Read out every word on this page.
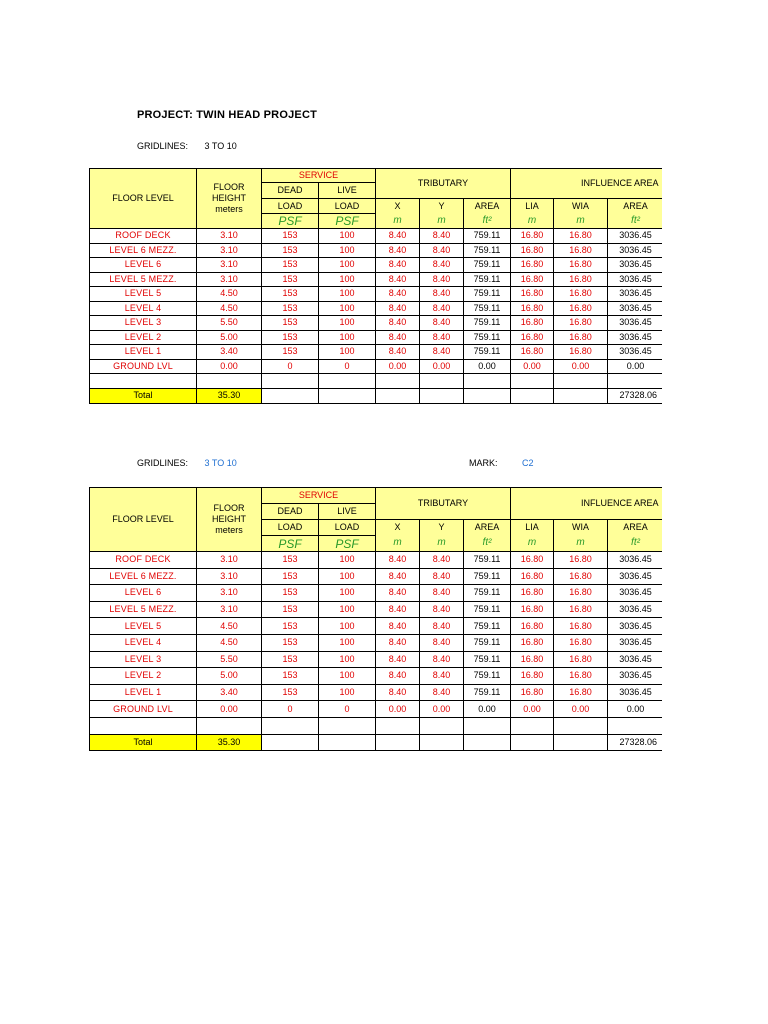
PROJECT: TWIN HEAD PROJECT
GRIDLINES: 3 TO 10
GRIDLINES: 3 TO 10	MARK:	C2
FLOOR LEVEL	FLOOR
HEIGHT
meters	SERVICE		TRIBUTARY			INFLUENCE AREA		
		DEAD	LIVE						
		LOAD	LOAD	X	Y	AREA	LIA	WIA	AREA
		PSF	PSF	m	m	ft²	m	m	ft²
ROOF DECK	3.10	153	100	8.40	8.40	759.11	16.80	16.80	3036.45
LEVEL 6 MEZZ.	3.10	153	100	8.40	8.40	759.11	16.80	16.80	3036.45
LEVEL 6	3.10	153	100	8.40	8.40	759.11	16.80	16.80	3036.45
LEVEL 5 MEZZ.	3.10	153	100	8.40	8.40	759.11	16.80	16.80	3036.45
LEVEL 5	4.50	153	100	8.40	8.40	759.11	16.80	16.80	3036.45
LEVEL 4	4.50	153	100	8.40	8.40	759.11	16.80	16.80	3036.45
LEVEL 3	5.50	153	100	8.40	8.40	759.11	16.80	16.80	3036.45
LEVEL 2	5.00	153	100	8.40	8.40	759.11	16.80	16.80	3036.45
LEVEL 1	3.40	153	100	8.40	8.40	759.11	16.80	16.80	3036.45
GROUND LVL	0.00	0	0	0.00	0.00	0.00	0.00	0.00	0.00

Total	35.30								27328.06
FLOOR LEVEL	FLOOR
HEIGHT
meters	SERVICE		TRIBUTARY			INFLUENCE AREA		
		DEAD	LIVE						
		LOAD	LOAD	X	Y	AREA	LIA	WIA	AREA
		PSF	PSF	m	m	ft²	m	m	ft²
ROOF DECK	3.10	153	100	8.40	8.40	759.11	16.80	16.80	3036.45
LEVEL 6 MEZZ.	3.10	153	100	8.40	8.40	759.11	16.80	16.80	3036.45
LEVEL 6	3.10	153	100	8.40	8.40	759.11	16.80	16.80	3036.45
LEVEL 5 MEZZ.	3.10	153	100	8.40	8.40	759.11	16.80	16.80	3036.45
LEVEL 5	4.50	153	100	8.40	8.40	759.11	16.80	16.80	3036.45
LEVEL 4	4.50	153	100	8.40	8.40	759.11	16.80	16.80	3036.45
LEVEL 3	5.50	153	100	8.40	8.40	759.11	16.80	16.80	3036.45
LEVEL 2	5.00	153	100	8.40	8.40	759.11	16.80	16.80	3036.45
LEVEL 1	3.40	153	100	8.40	8.40	759.11	16.80	16.80	3036.45
GROUND LVL	0.00	0	0	0.00	0.00	0.00	0.00	0.00	0.00

Total	35.30								27328.06
